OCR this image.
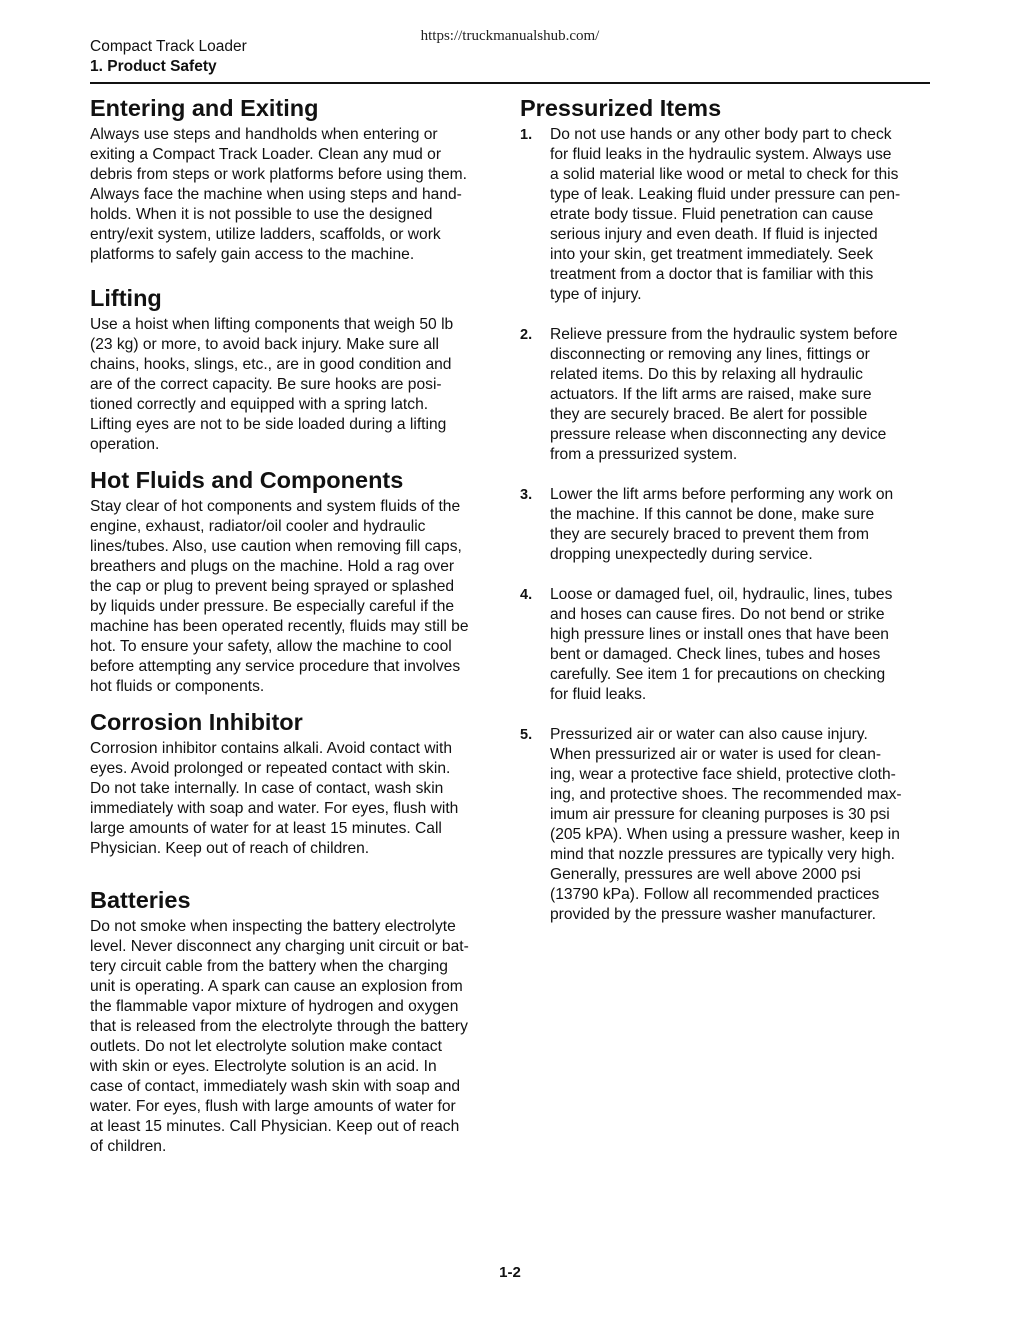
https://truckmanualshub.com/
Compact Track Loader
1. Product Safety
Entering and Exiting

Always use steps and handholds when entering or
exiting a Compact Track Loader. Clean any mud or
debris from steps or work platforms before using them.
Always face the machine when using steps and hand-
holds. When it is not possible to use the designed
entry/exit system, utilize ladders, scaffolds, or work
platforms to safely gain access to the machine.

Lifting

Use a hoist when lifting components that weigh 50 lb
(23 kg) or more, to avoid back injury. Make sure all
chains, hooks, slings, etc., are in good condition and
are of the correct capacity. Be sure hooks are posi-
tioned correctly and equipped with a spring latch.
Lifting eyes are not to be side loaded during a lifting
operation.

Hot Fluids and Components

Stay clear of hot components and system fluids of the
engine, exhaust, radiator/oil cooler and hydraulic
lines/tubes. Also, use caution when removing fill caps,
breathers and plugs on the machine. Hold a rag over
the cap or plug to prevent being sprayed or splashed
by liquids under pressure. Be especially careful if the
machine has been operated recently, fluids may still be
hot. To ensure your safety, allow the machine to cool
before attempting any service procedure that involves
hot fluids or components.

Corrosion Inhibitor

Corrosion inhibitor contains alkali. Avoid contact with
eyes. Avoid prolonged or repeated contact with skin.
Do not take internally. In case of contact, wash skin
immediately with soap and water. For eyes, flush with
large amounts of water for at least 15 minutes. Call
Physician. Keep out of reach of children.

Batteries

Do not smoke when inspecting the battery electrolyte
level. Never disconnect any charging unit circuit or bat-
tery circuit cable from the battery when the charging
unit is operating. A spark can cause an explosion from
the flammable vapor mixture of hydrogen and oxygen
that is released from the electrolyte through the battery
outlets. Do not let electrolyte solution make contact
with skin or eyes. Electrolyte solution is an acid. In
case of contact, immediately wash skin with soap and
water. For eyes, flush with large amounts of water for
at least 15 minutes. Call Physician. Keep out of reach
of children.

Pressurized Items
1.	Do not use hands or any other body part to check
for fluid leaks in the hydraulic system. Always use
a solid material like wood or metal to check for this
type of leak. Leaking fluid under pressure can pen-
etrate body tissue. Fluid penetration can cause
serious injury and even death. If fluid is injected
into your skin, get treatment immediately. Seek
treatment from a doctor that is familiar with this
type of injury.
2.	Relieve pressure from the hydraulic system before
disconnecting or removing any lines, fittings or
related items. Do this by relaxing all hydraulic
actuators. If the lift arms are raised, make sure
they are securely braced. Be alert for possible
pressure release when disconnecting any device
from a pressurized system.
3.	Lower the lift arms before performing any work on
the machine. If this cannot be done, make sure
they are securely braced to prevent them from
dropping unexpectedly during service.
4.	Loose or damaged fuel, oil, hydraulic, lines, tubes
and hoses can cause fires. Do not bend or strike
high pressure lines or install ones that have been
bent or damaged. Check lines, tubes and hoses
carefully. See item 1 for precautions on checking
for fluid leaks.
5.	Pressurized air or water can also cause injury.
When pressurized air or water is used for clean-
ing, wear a protective face shield, protective cloth-
ing, and protective shoes. The recommended max-
imum air pressure for cleaning purposes is 30 psi
(205 kPA). When using a pressure washer, keep in
mind that nozzle pressures are typically very high.
Generally, pressures are well above 2000 psi
(13790 kPa). Follow all recommended practices
provided by the pressure washer manufacturer.
1-2
